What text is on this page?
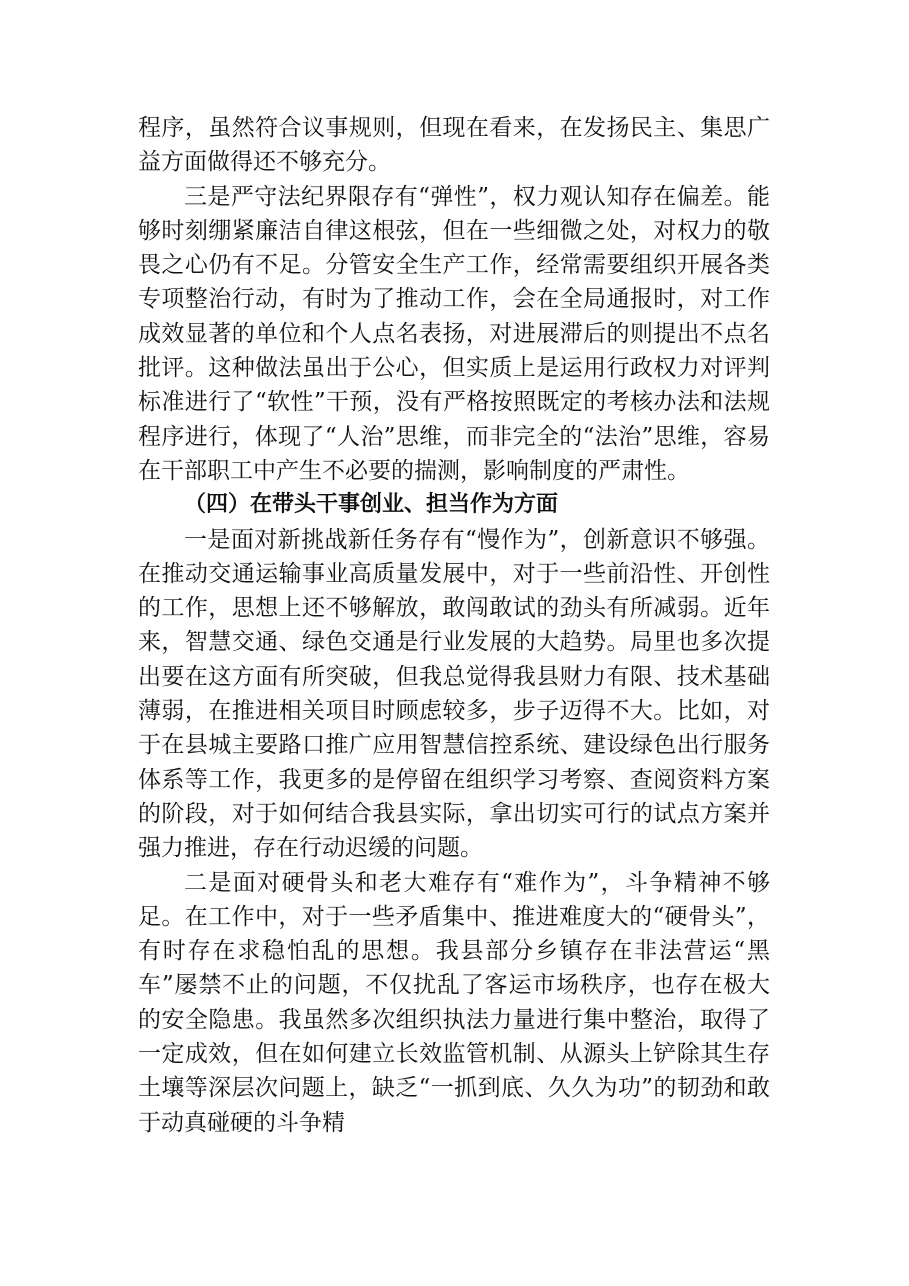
程序，虽然符合议事规则，但现在看来，在发扬民主、集思广益方面做得还不够充分。

三是严守法纪界限存有“弹性”，权力观认知存在偏差。能够时刻绷紧廉洁自律这根弦，但在一些细微之处，对权力的敬畏之心仍有不足。分管安全生产工作，经常需要组织开展各类专项整治行动，有时为了推动工作，会在全局通报时，对工作成效显著的单位和个人点名表扬，对进展滞后的则提出不点名批评。这种做法虽出于公心，但实质上是运用行政权力对评判标准进行了“软性”干预，没有严格按照既定的考核办法和法规程序进行，体现了“人治”思维，而非完全的“法治”思维，容易在干部职工中产生不必要的揣测，影响制度的严肃性。

（四）在带头干事创业、担当作为方面

一是面对新挑战新任务存有“慢作为”，创新意识不够强。在推动交通运输事业高质量发展中，对于一些前沿性、开创性的工作，思想上还不够解放，敢闯敢试的劲头有所减弱。近年来，智慧交通、绿色交通是行业发展的大趋势。局里也多次提出要在这方面有所突破，但我总觉得我县财力有限、技术基础薄弱，在推进相关项目时顾虑较多，步子迈得不大。比如，对于在县城主要路口推广应用智慧信控系统、建设绿色出行服务体系等工作，我更多的是停留在组织学习考察、查阅资料方案的阶段，对于如何结合我县实际，拿出切实可行的试点方案并强力推进，存在行动迟缓的问题。

二是面对硬骨头和老大难存有“难作为”，斗争精神不够足。在工作中，对于一些矛盾集中、推进难度大的“硬骨头”，有时存在求稳怕乱的思想。我县部分乡镇存在非法营运“黑车”屡禁不止的问题，不仅扰乱了客运市场秩序，也存在极大的安全隐患。我虽然多次组织执法力量进行集中整治，取得了一定成效，但在如何建立长效监管机制、从源头上铲除其生存土壤等深层次问题上，缺乏“一抓到底、久久为功”的韧劲和敢于动真碰硬的斗争精
